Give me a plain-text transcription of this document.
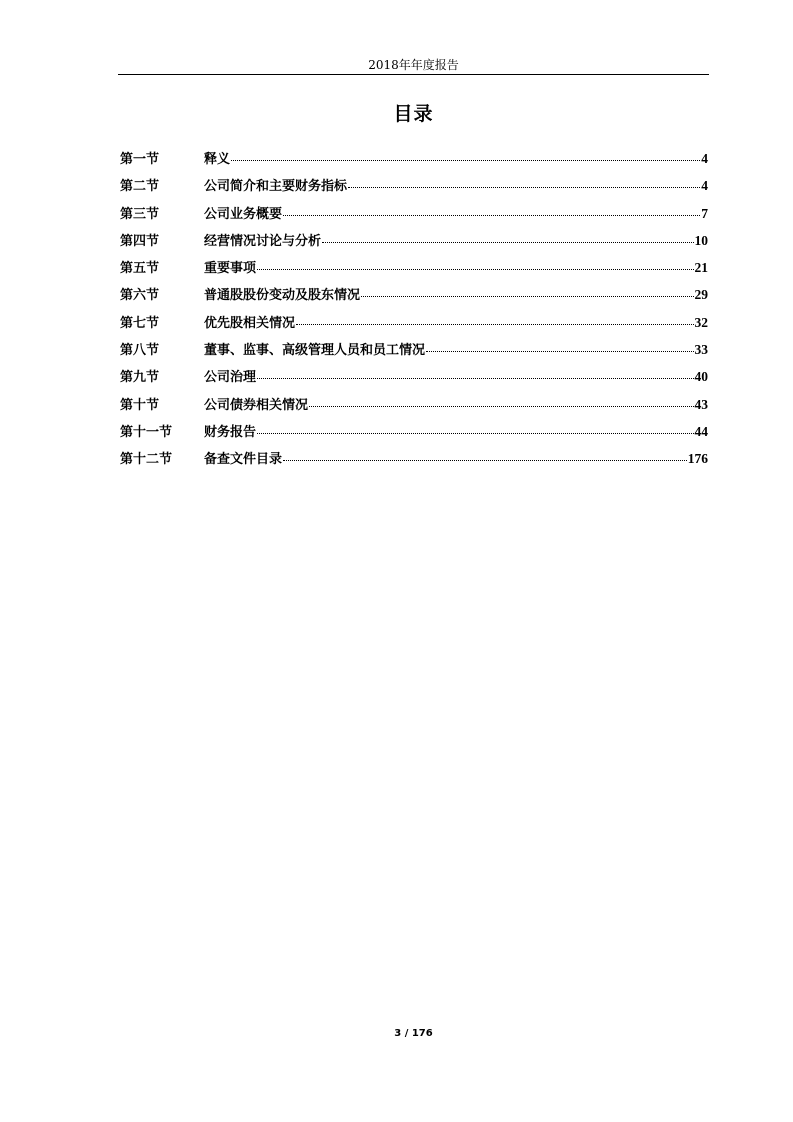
2018年年度报告
目录
第一节	释义	4
第二节	公司简介和主要财务指标	4
第三节	公司业务概要	7
第四节	经营情况讨论与分析	10
第五节	重要事项	21
第六节	普通股股份变动及股东情况	29
第七节	优先股相关情况	32
第八节	董事、监事、高级管理人员和员工情况	33
第九节	公司治理	40
第十节	公司债券相关情况	43
第十一节	财务报告	44
第十二节	备查文件目录	176
3 / 176
